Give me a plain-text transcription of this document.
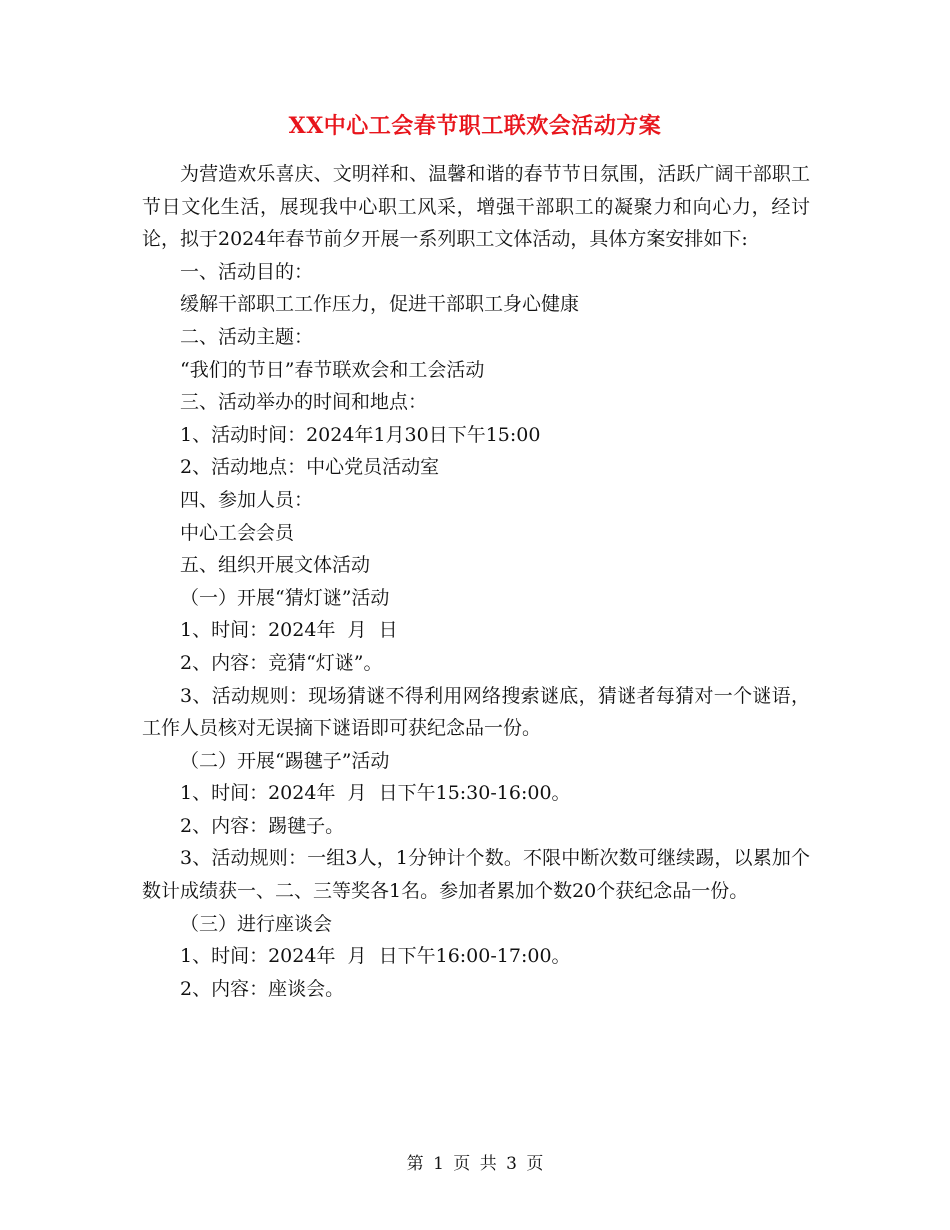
XX中心工会春节职工联欢会活动方案

为营造欢乐喜庆、文明祥和、温馨和谐的春节节日氛围，活跃广阔干部职工节日文化生活，展现我中心职工风采，增强干部职工的凝聚力和向心力，经讨论，拟于2024年春节前夕开展一系列职工文体活动，具体方案安排如下:

一、活动目的：

缓解干部职工工作压力，促进干部职工身心健康

二、活动主题：

“我们的节日”春节联欢会和工会活动

三、活动举办的时间和地点：

1、活动时间：2024年1月30日下午15:00

2、活动地点：中心党员活动室

四、参加人员：

中心工会会员

五、组织开展文体活动

（一）开展“猜灯谜”活动

1、时间：2024年  月  日

2、内容：竞猜“灯谜”。

3、活动规则：现场猜谜不得利用网络搜索谜底，猜谜者每猜对一个谜语，工作人员核对无误摘下谜语即可获纪念品一份。

（二）开展“踢毽子”活动

1、时间：2024年  月  日下午15:30-16:00。

2、内容：踢毽子。

3、活动规则：一组3人，1分钟计个数。不限中断次数可继续踢，以累加个数计成绩获一、二、三等奖各1名。参加者累加个数20个获纪念品一份。

（三）进行座谈会

1、时间：2024年  月  日下午16:00-17:00。

2、内容：座谈会。

第 1 页 共 3 页
